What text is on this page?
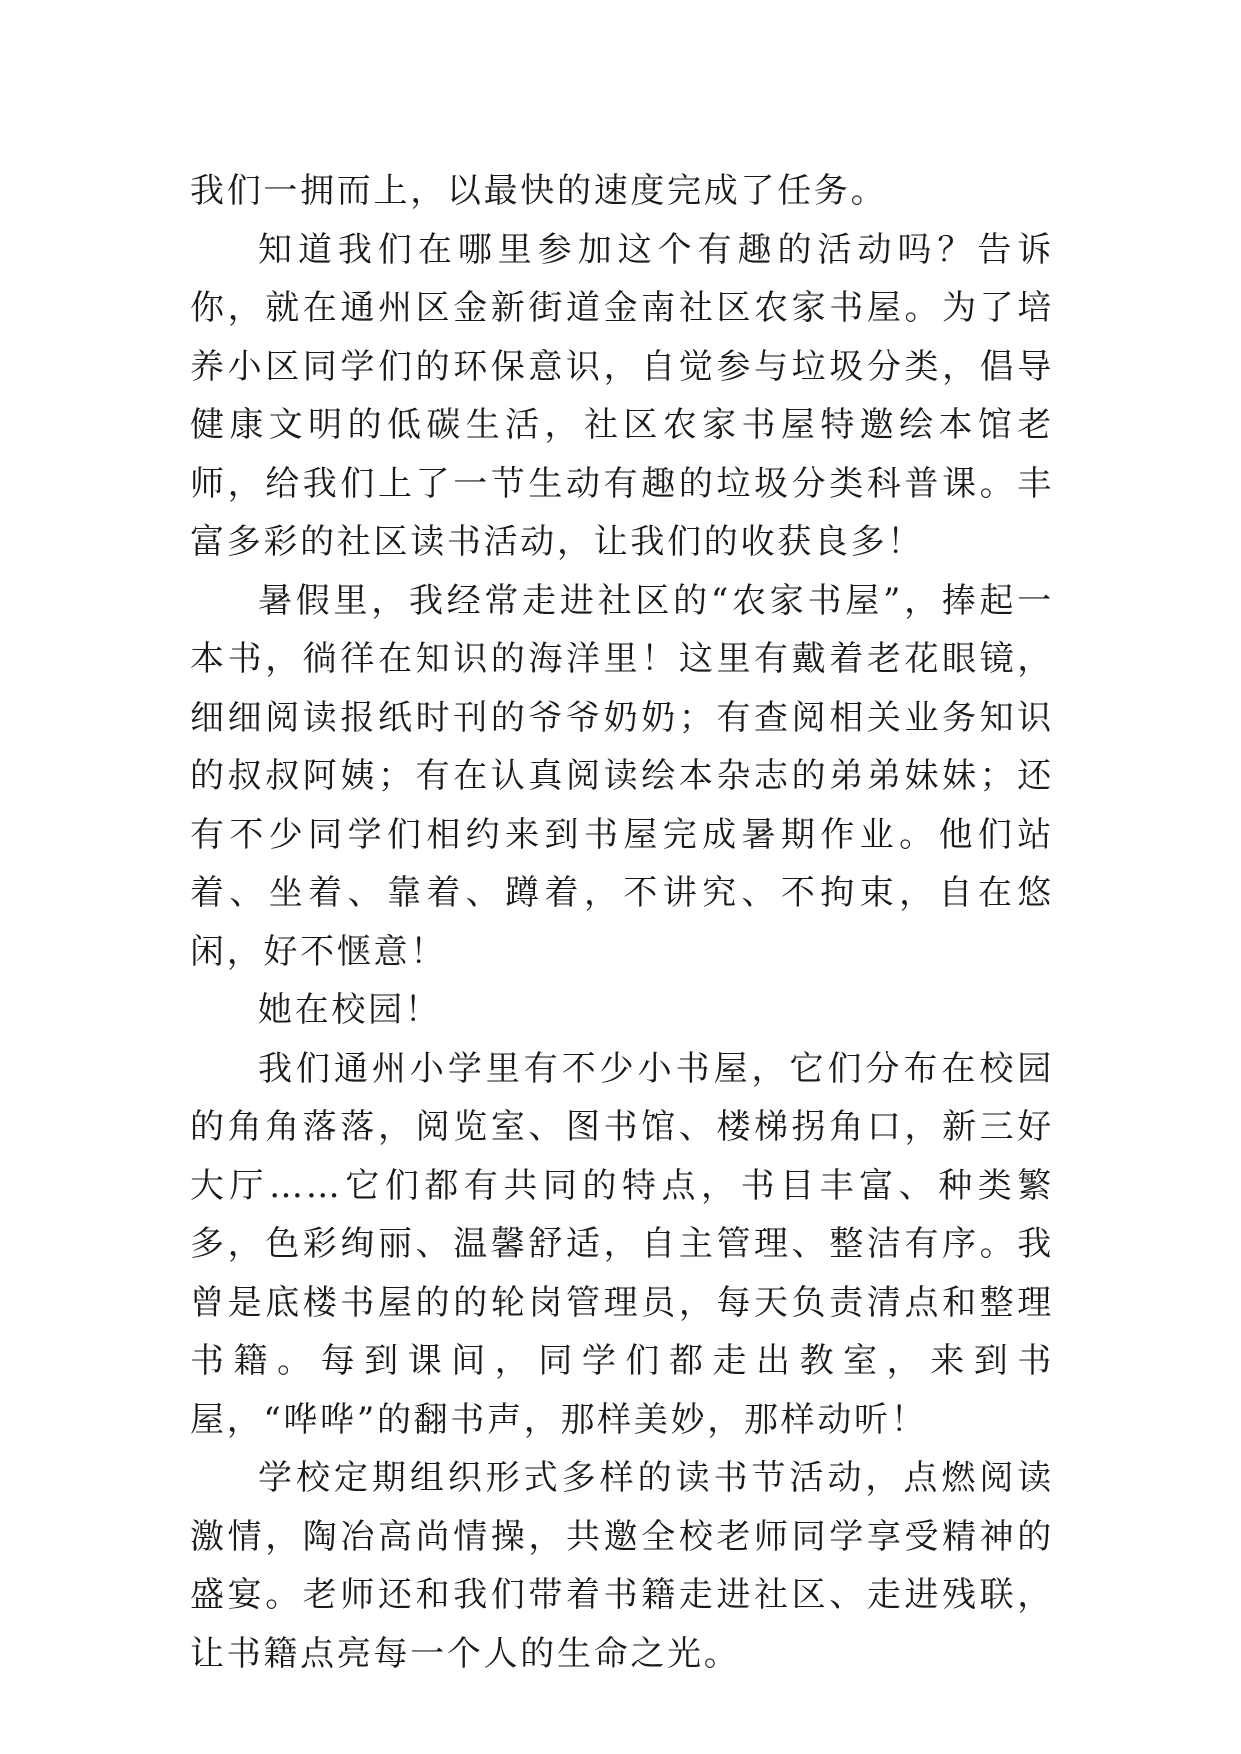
我们一拥而上，以最快的速度完成了任务。

知道我们在哪里参加这个有趣的活动吗？告诉你，就在通州区金新街道金南社区农家书屋。为了培养小区同学们的环保意识，自觉参与垃圾分类，倡导健康文明的低碳生活，社区农家书屋特邀绘本馆老师，给我们上了一节生动有趣的垃圾分类科普课。丰富多彩的社区读书活动，让我们的收获良多！

暑假里，我经常走进社区的“农家书屋”，捧起一本书，徜徉在知识的海洋里！这里有戴着老花眼镜，细细阅读报纸时刊的爷爷奶奶；有查阅相关业务知识的叔叔阿姨；有在认真阅读绘本杂志的弟弟妹妹；还有不少同学们相约来到书屋完成暑期作业。他们站着、坐着、靠着、蹲着，不讲究、不拘束，自在悠闲，好不惬意！

她在校园！

我们通州小学里有不少小书屋，它们分布在校园的角角落落，阅览室、图书馆、楼梯拐角口，新三好大厅……它们都有共同的特点，书目丰富、种类繁多，色彩绚丽、温馨舒适，自主管理、整洁有序。我曾是底楼书屋的的轮岗管理员，每天负责清点和整理书籍。每到课间，同学们都走出教室，来到书屋，“哗哗”的翻书声，那样美妙，那样动听！

学校定期组织形式多样的读书节活动，点燃阅读激情，陶冶高尚情操，共邀全校老师同学享受精神的盛宴。老师还和我们带着书籍走进社区、走进残联，让书籍点亮每一个人的生命之光。
